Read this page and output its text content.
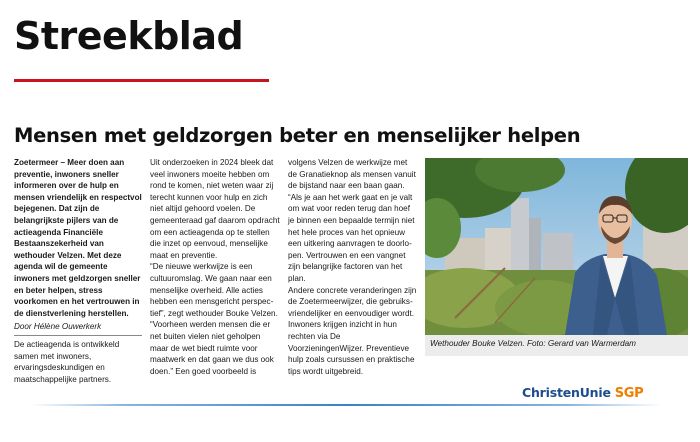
Streekblad
Mensen met geldzorgen beter en menselijker helpen

Zoetermeer – Meer doen aan preventie, inwoners sneller informeren over de hulp en mensen vriendelijk en respectvol bejegenen. Dat zijn de belangrijkste pijlers van de actieagenda Financiële Bestaanszekerheid van wethouder Velzen. Met deze agenda wil de gemeente inwoners met geldzorgen sneller en beter helpen, stress voorkomen en het vertrouwen in de dienstverlening herstellen.

Door Hélène Ouwerkerk

De actieagenda is ontwikkeld samen met inwoners, ervaringsdeskundigen en maatschappelijke partners.

Uit onderzoeken in 2024 bleek dat veel inwoners moeite hebben om rond te komen, niet weten waar zij terecht kunnen voor hulp en zich niet altijd gehoord voelen. De gemeenteraad gaf daarom opdracht om een actieagenda op te stellen die inzet op eenvoud, menselijke maat en preventie.

“De nieuwe werkwijze is een cultuuromslag. We gaan naar een menselijke overheid. Alle acties hebben een mensgericht perspectief”, zegt wethouder Bouke Velzen. “Voorheen werden mensen die er net buiten vielen niet geholpen maar de wet biedt ruimte voor maatwerk en dat gaan we dus ook doen.” Een goed voorbeeld is

volgens Velzen de werkwijze met de Granatieknop als mensen vanuit de bijstand naar een baan gaan. “Als je aan het werk gaat en je valt om wat voor reden terug dan hoef je binnen een bepaalde termijn niet het hele proces van het opnieuw een uitkering aanvragen te doorlopen. Vertrouwen en een vangnet zijn belangrijke factoren van het plan.

Andere concrete veranderingen zijn de Zoetermeerwijzer, die gebruiksvriendelijker en eenvoudiger wordt. Inwoners krijgen inzicht in hun rechten via De VoorzieningenWijzer. Preventieve hulp zoals cursussen en praktische tips wordt uitgebreid.

Wethouder Bouke Velzen. Foto: Gerard van Warmerdam
ChristenUnie SGP
